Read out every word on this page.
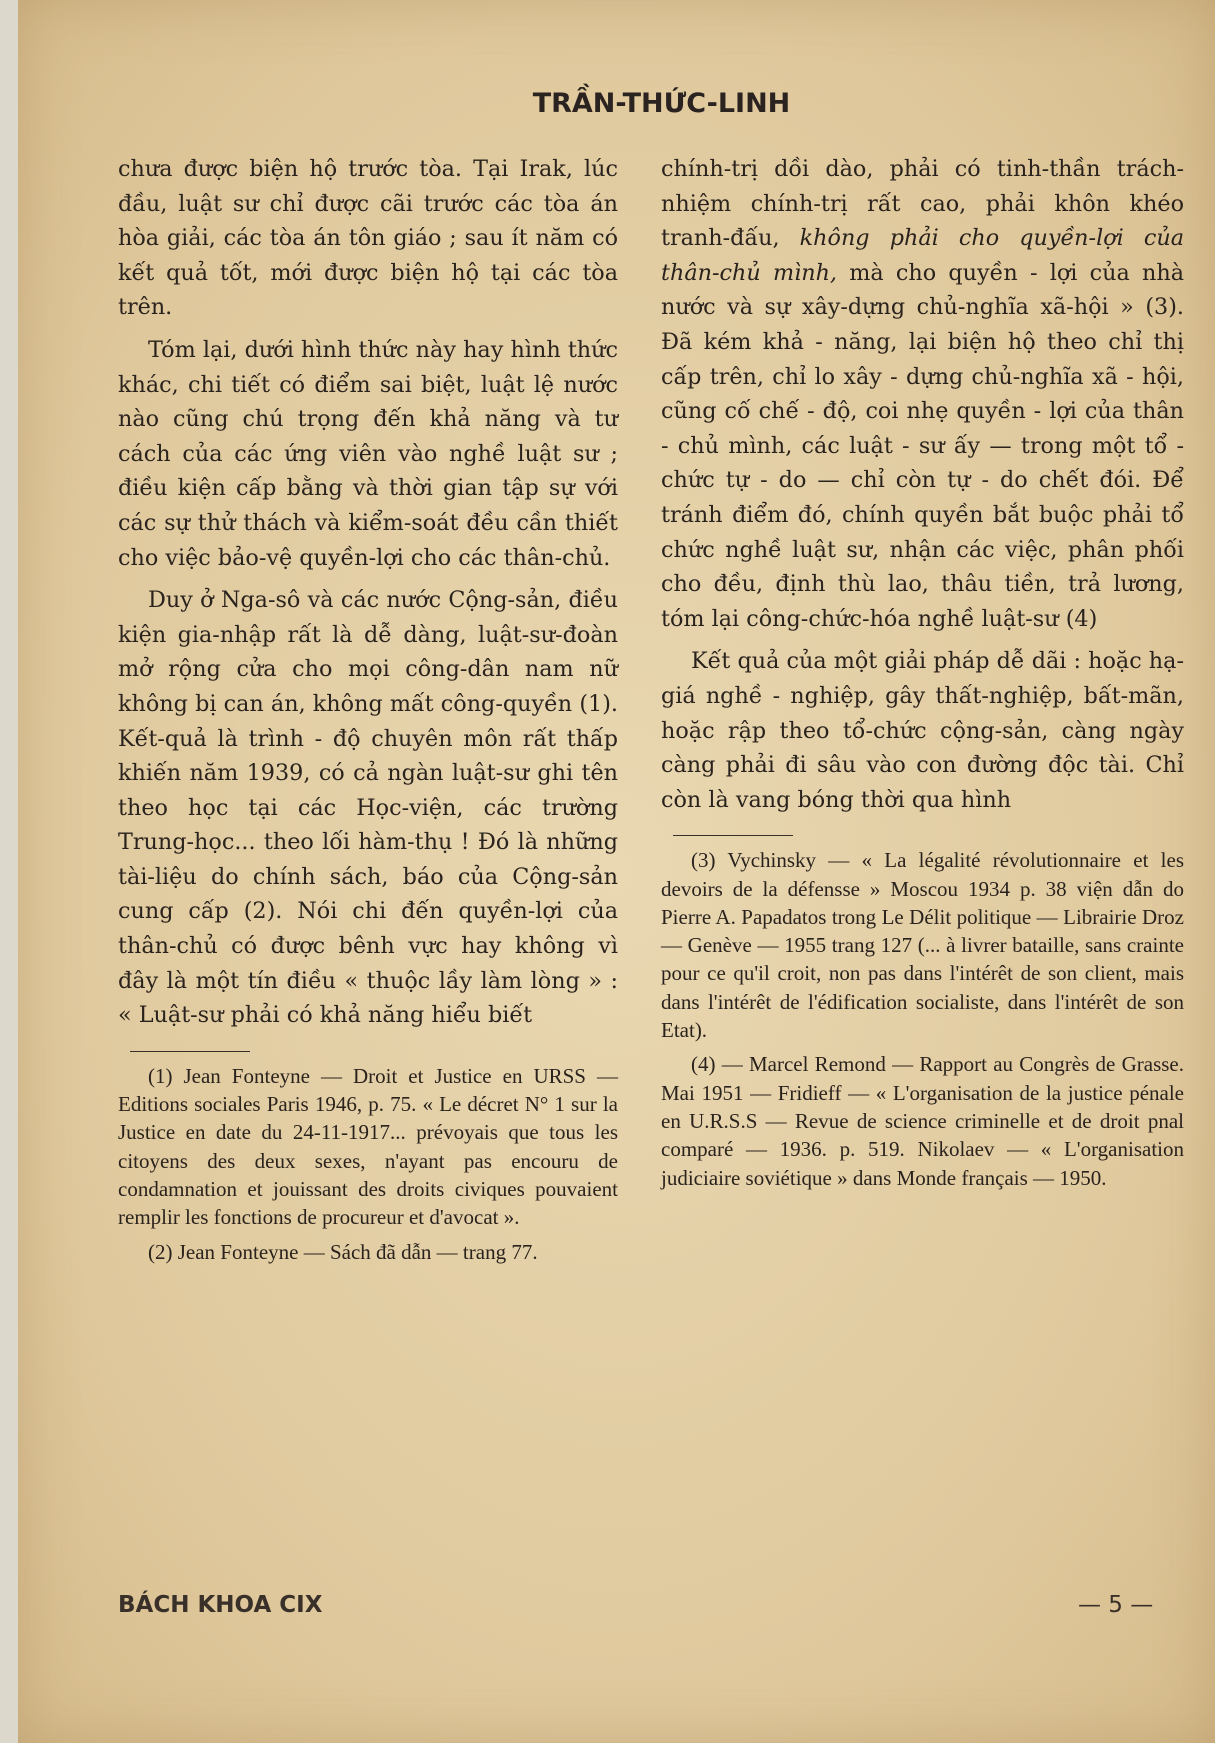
TRẦN-THỨC-LINH

chưa được biện hộ trước tòa. Tại Irak, lúc đầu, luật sư chỉ được cãi trước các tòa án hòa giải, các tòa án tôn giáo ; sau ít năm có kết quả tốt, mới được biện hộ tại các tòa trên.

Tóm lại, dưới hình thức này hay hình thức khác, chi tiết có điểm sai biệt, luật lệ nước nào cũng chú trọng đến khả năng và tư cách của các ứng viên vào nghề luật sư ; điều kiện cấp bằng và thời gian tập sự với các sự thử thách và kiểm-soát đều cần thiết cho việc bảo-vệ quyền-lợi cho các thân-chủ.

Duy ở Nga-sô và các nước Cộng-sản, điều kiện gia-nhập rất là dễ dàng, luật-sư-đoàn mở rộng cửa cho mọi công-dân nam nữ không bị can án, không mất công-quyền (1). Kết-quả là trình - độ chuyên môn rất thấp khiến năm 1939, có cả ngàn luật-sư ghi tên theo học tại các Học-viện, các trường Trung-học... theo lối hàm-thụ ! Đó là những tài-liệu do chính sách, báo của Cộng-sản cung cấp (2). Nói chi đến quyền-lợi của thân-chủ có được bênh vực hay không vì đây là một tín điều « thuộc lầy làm lòng » : « Luật-sư phải có khả năng hiểu biết

(1) Jean Fonteyne — Droit et Justice en URSS — Editions sociales Paris 1946, p. 75. « Le décret N° 1 sur la Justice en date du 24-11-1917... prévoyais que tous les citoyens des deux sexes, n'ayant pas encouru de condamnation et jouissant des droits civiques pouvaient remplir les fonctions de procureur et d'avocat ».

(2) Jean Fonteyne — Sách đã dẫn — trang 77.

chính-trị dồi dào, phải có tinh-thần trách-nhiệm chính-trị rất cao, phải khôn khéo tranh-đấu, không phải cho quyền-lợi của thân-chủ mình, mà cho quyền - lợi của nhà nước và sự xây-dựng chủ-nghĩa xã-hội » (3). Đã kém khả - năng, lại biện hộ theo chỉ thị cấp trên, chỉ lo xây - dựng chủ-nghĩa xã - hội, cũng cố chế - độ, coi nhẹ quyền - lợi của thân - chủ mình, các luật - sư ấy — trong một tổ - chức tự - do — chỉ còn tự - do chết đói. Để tránh điểm đó, chính quyền bắt buộc phải tổ chức nghề luật sư, nhận các việc, phân phối cho đều, định thù lao, thâu tiền, trả lương, tóm lại công-chức-hóa nghề luật-sư (4)

Kết quả của một giải pháp dễ dãi : hoặc hạ-giá nghề - nghiệp, gây thất-nghiệp, bất-mãn, hoặc rập theo tổ-chức cộng-sản, càng ngày càng phải đi sâu vào con đường độc tài. Chỉ còn là vang bóng thời qua hình

(3) Vychinsky — « La légalité révolutionnaire et les devoirs de la défensse » Moscou 1934 p. 38 viện dẫn do Pierre A. Papadatos trong Le Délit politique — Librairie Droz — Genève — 1955 trang 127 (... à livrer bataille, sans crainte pour ce qu'il croit, non pas dans l'intérêt de son client, mais dans l'intérêt de l'édification socialiste, dans l'intérêt de son Etat).

(4) — Marcel Remond — Rapport au Congrès de Grasse. Mai 1951 — Fridieff — « L'organisation de la justice pénale en U.R.S.S — Revue de science criminelle et de droit pnal comparé — 1936. p. 519. Nikolaev — « L'organisation judiciaire soviétique » dans Monde français — 1950.

BÁCH KHOA CIX	— 5 —
